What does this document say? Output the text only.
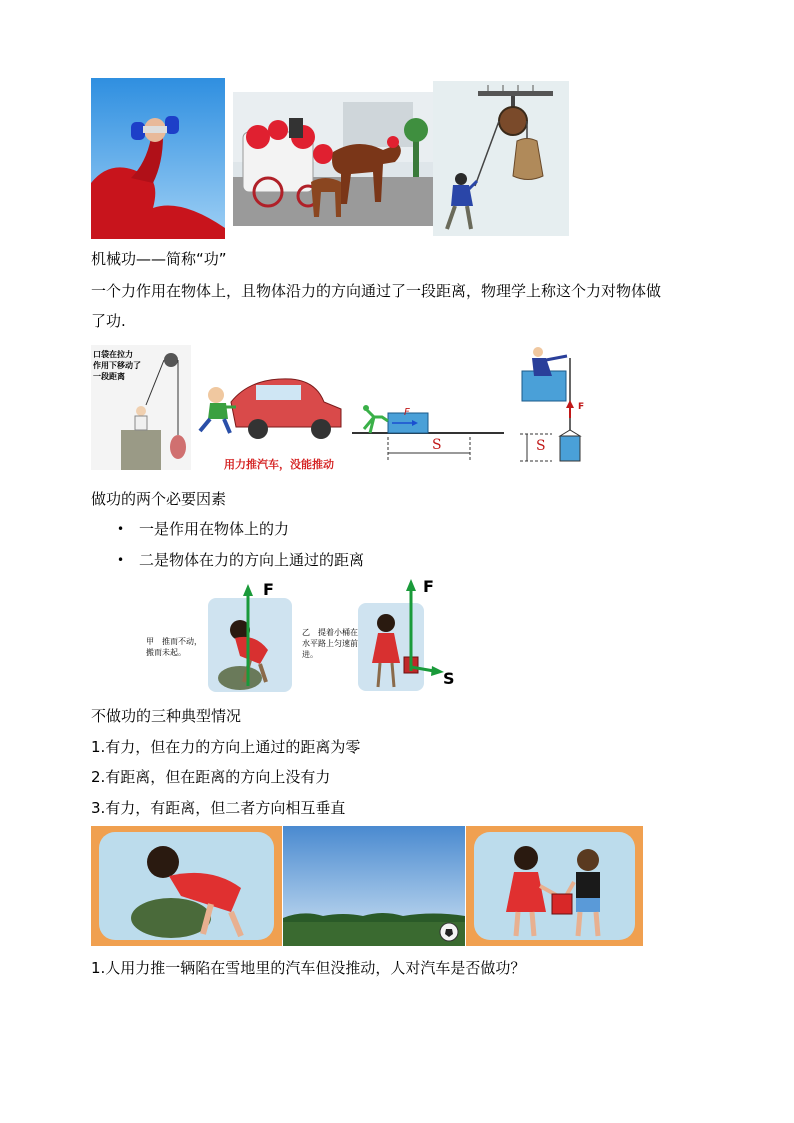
机械功——简称“功”
一个力作用在物体上，且物体沿力的方向通过了一段距离，物理学上称这个力对物体做
了功.
口袋在拉力
作用下移动了
一段距离
用力推汽车，没能推动
F
S
F
S
做功的两个必要因素
• 一是作用在物体上的力
• 二是物体在力的方向上通过的距离
甲　推而不动，
搬而未起。
F
乙　提着小桶在
水平路上匀速前
进。
F
S
不做功的三种典型情况
1.有力，但在力的方向上通过的距离为零
2.有距离，但在距离的方向上没有力
3.有力，有距离，但二者方向相互垂直
1.人用力推一辆陷在雪地里的汽车但没推动，人对汽车是否做功？
